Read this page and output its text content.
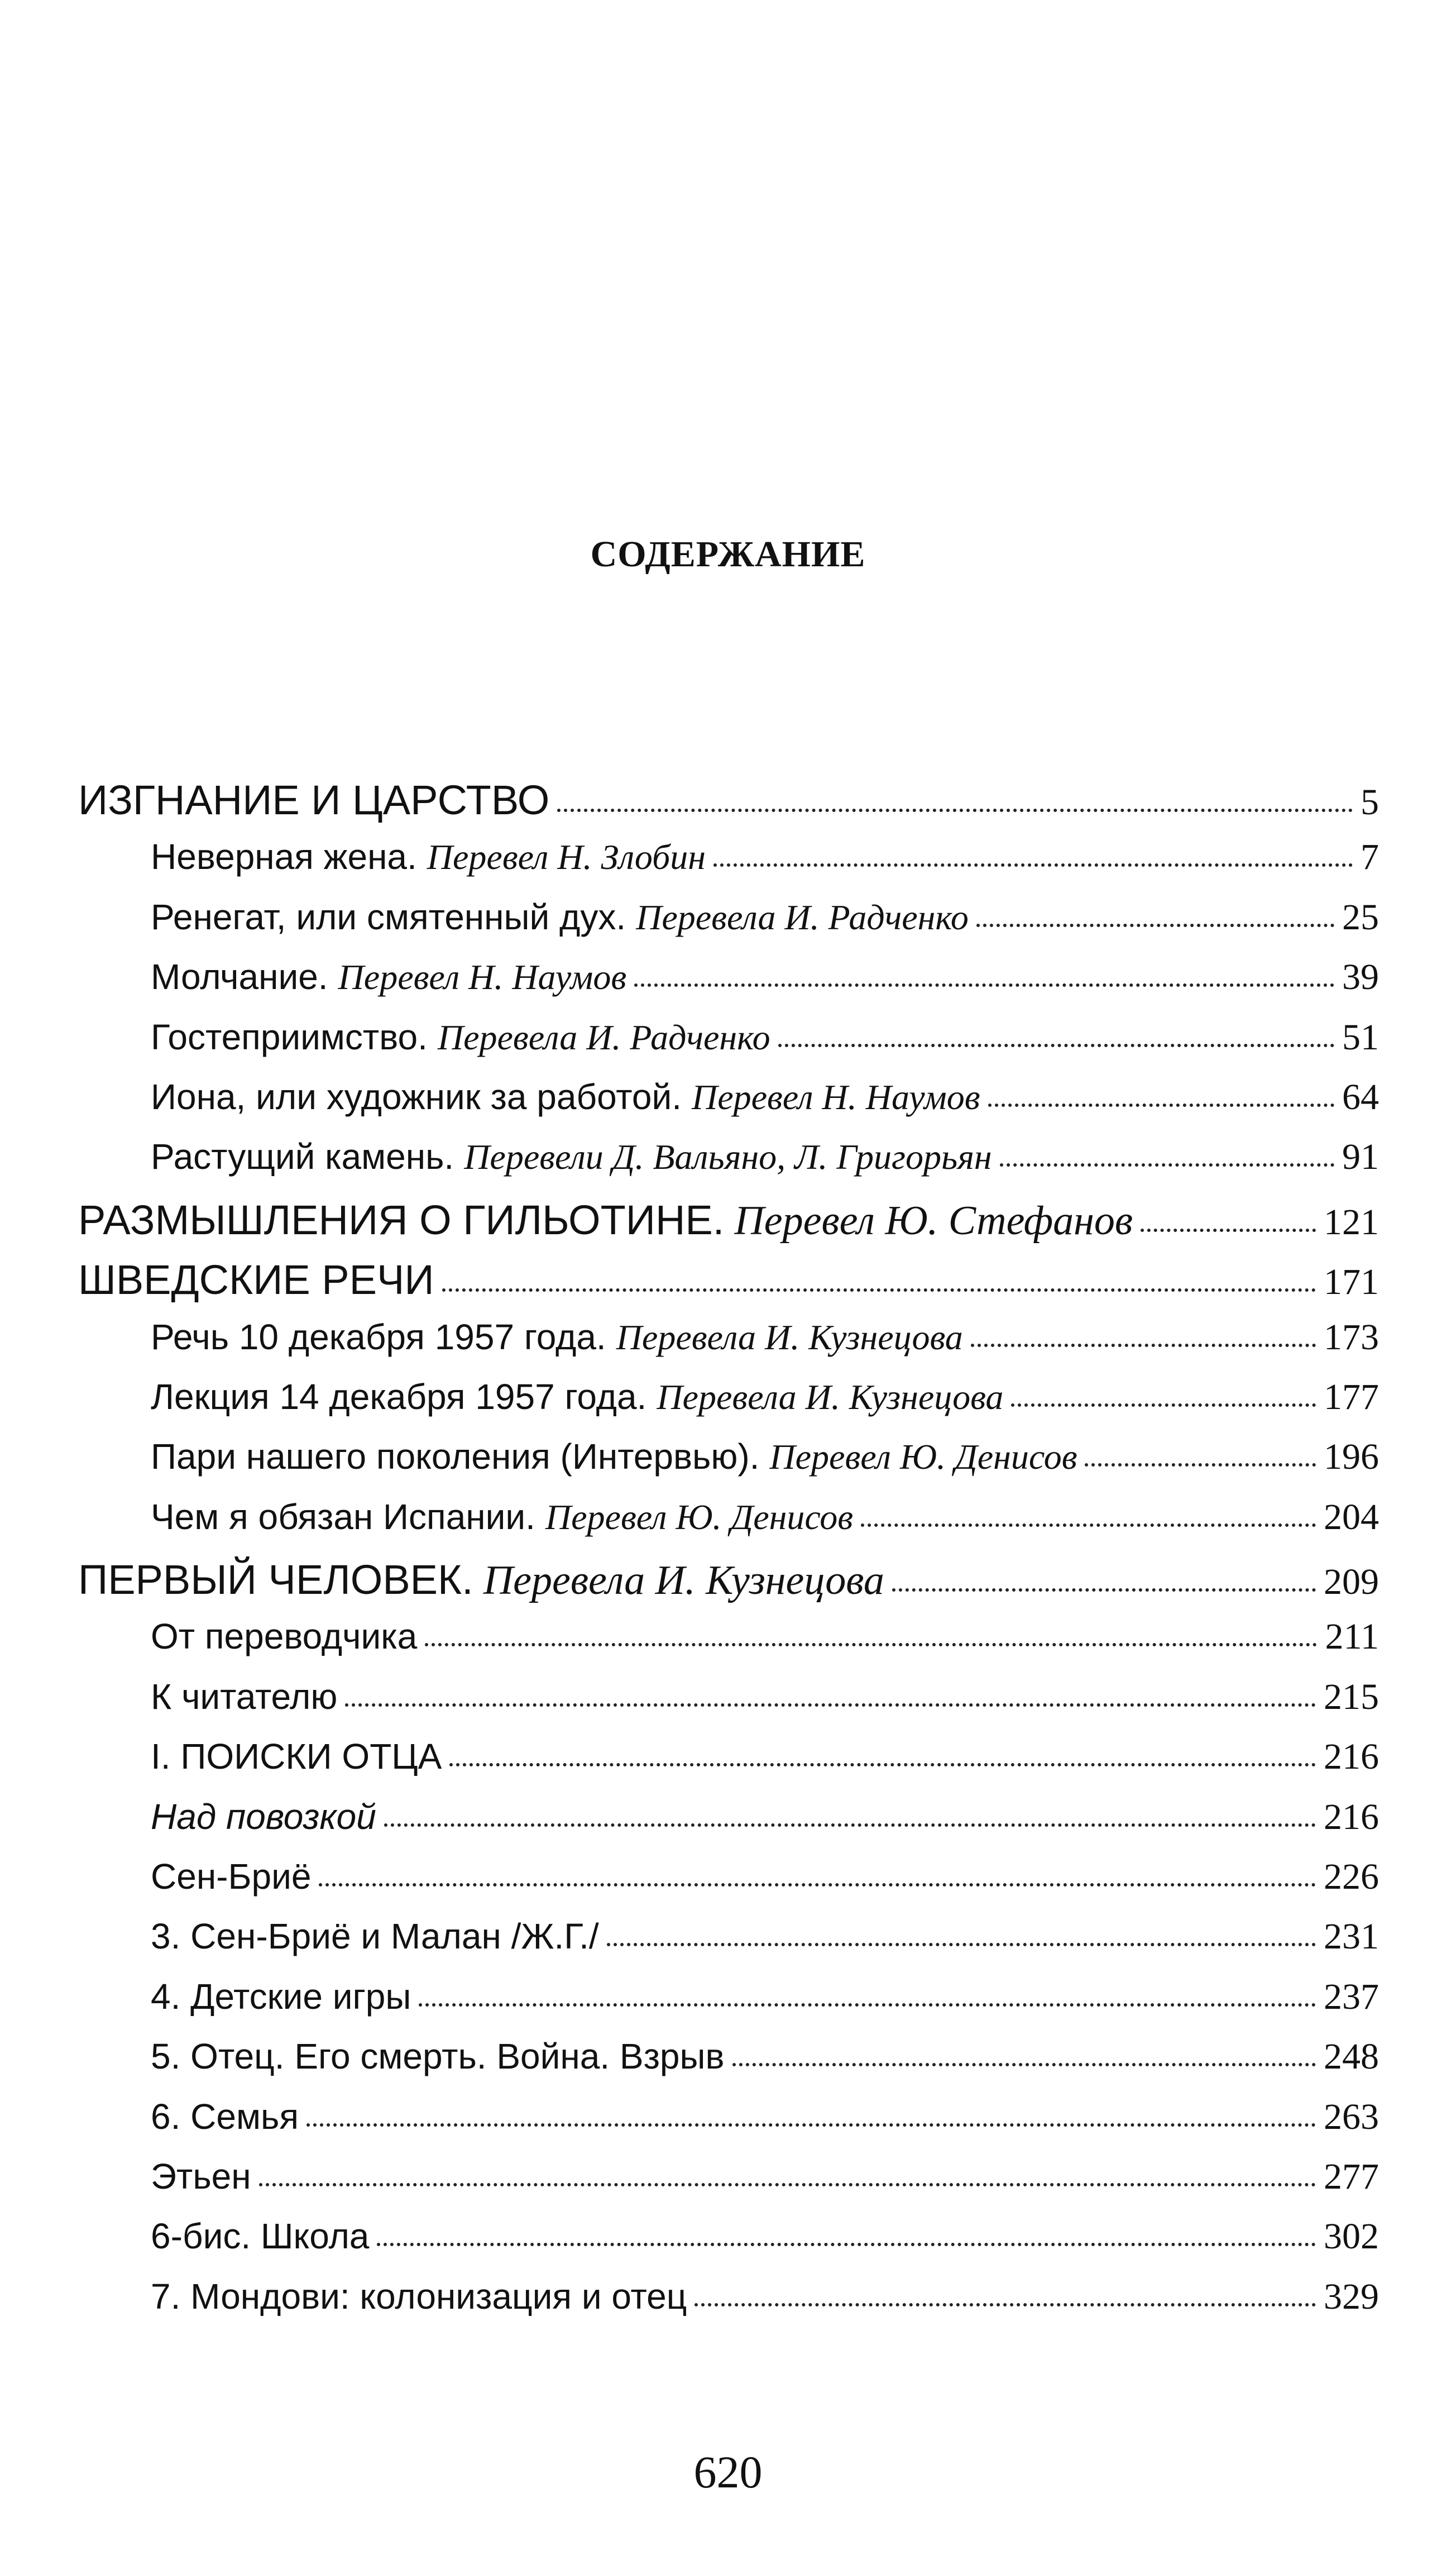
СОДЕРЖАНИЕ
ИЗГНАНИЕ И ЦАРСТВО	5
Неверная жена. Перевел Н. Злобин	7
Ренегат, или смятенный дух. Перевела И. Радченко	25
Молчание. Перевел Н. Наумов	39
Гостеприимство. Перевела И. Радченко	51
Иона, или художник за работой. Перевел Н. Наумов	64
Растущий камень. Перевели Д. Вальяно, Л. Григорьян	91
РАЗМЫШЛЕНИЯ О ГИЛЬОТИНЕ. Перевел Ю. Стефанов	121
ШВЕДСКИЕ РЕЧИ	171
Речь 10 декабря 1957 года. Перевела И. Кузнецова	173
Лекция 14 декабря 1957 года. Перевела И. Кузнецова	177
Пари нашего поколения (Интервью). Перевел Ю. Денисов	196
Чем я обязан Испании. Перевел Ю. Денисов	204
ПЕРВЫЙ ЧЕЛОВЕК. Перевела И. Кузнецова	209
От переводчика	211
К читателю	215
I. ПОИСКИ ОТЦА	216
Над повозкой	216
Сен-Бриё	226
3. Сен-Бриё и Малан /Ж.Г./	231
4. Детские игры	237
5. Отец. Его смерть. Война. Взрыв	248
6. Семья	263
Этьен	277
6-бис. Школа	302
7. Мондови: колонизация и отец	329
620
